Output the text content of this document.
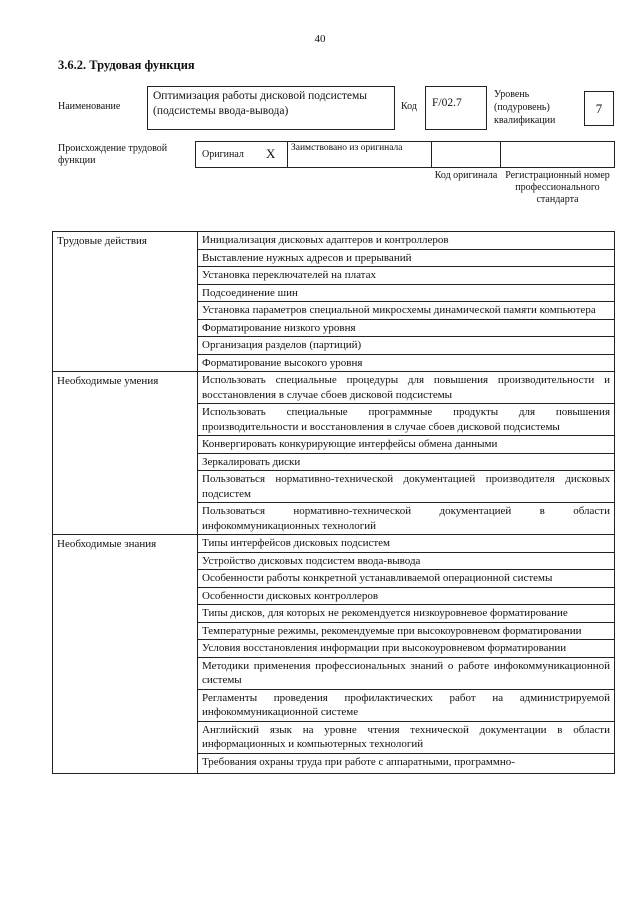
40
3.6.2. Трудовая функция
Наименование
Оптимизация работы дисковой подсистемы (подсистемы ввода-вывода)	Код	F/02.7
Уровень
(подуровень)
квалификации
7
Происхождение трудовой функции
Оригинал X	Заимствовано из оригинала
Код оригинала Регистрационный номер профессионального стандарта
Трудовые действия	Инициализация дисковых адаптеров и контроллеров
Выставление нужных адресов и прерываний
Установка переключателей на платах
Подсоединение шин
Установка параметров специальной микросхемы динамической памяти компьютера
Форматирование низкого уровня
Организация разделов (партиций)
Форматирование высокого уровня
Необходимые умения	Использовать специальные процедуры для повышения производительности и восстановления в случае сбоев дисковой подсистемы
Использовать специальные программные продукты для повышения производительности и восстановления в случае сбоев дисковой подсистемы
Конвергировать конкурирующие интерфейсы обмена данными
Зеркалировать диски
Пользоваться нормативно-технической документацией производителя дисковых подсистем
Пользоваться нормативно-технической документацией в области инфокоммуникационных технологий
Необходимые знания	Типы интерфейсов дисковых подсистем
Устройство дисковых подсистем ввода-вывода
Особенности работы конкретной устанавливаемой операционной системы
Особенности дисковых контроллеров
Типы дисков, для которых не рекомендуется низкоуровневое форматирование
Температурные режимы, рекомендуемые при высокоуровневом форматировании
Условия восстановления информации при высокоуровневом форматировании
Методики применения профессиональных знаний о работе инфокоммуникационной системы
Регламенты проведения профилактических работ на администрируемой инфокоммуникационной системе
Английский язык на уровне чтения технической документации в области информационных и компьютерных технологий
Требования охраны труда при работе с аппаратными, программно-
